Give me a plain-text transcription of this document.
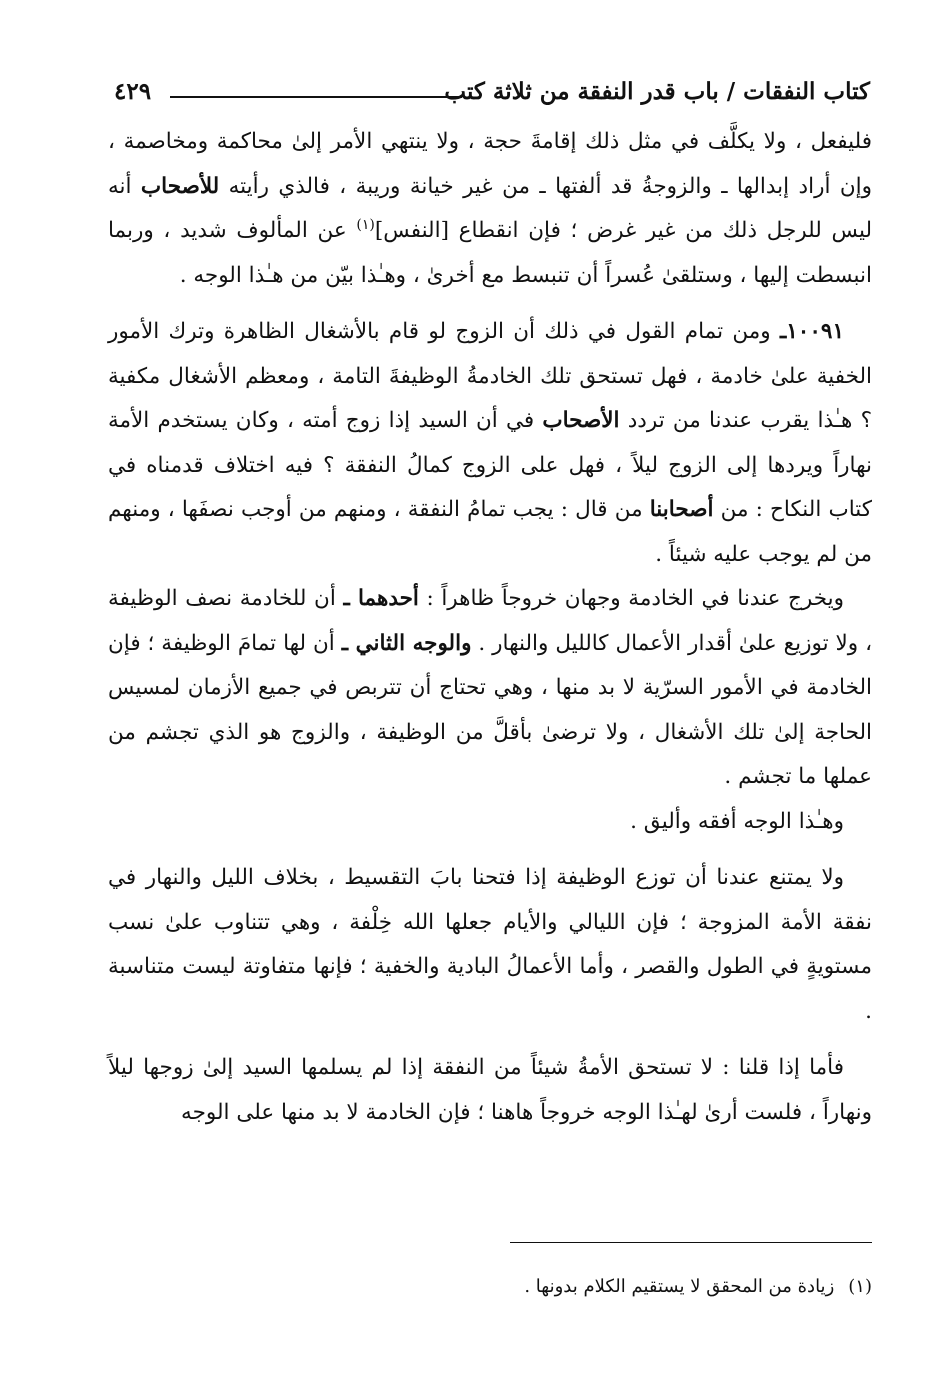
كتاب النفقات / باب قدر النفقة من ثلاثة كتب
٤٢٩

فليفعل ، ولا يكلَّف في مثل ذلك إقامةَ حجة ، ولا ينتهي الأمر إلىٰ محاكمة ومخاصمة ، وإن أراد إبدالها ـ والزوجةُ قد ألفتها ـ من غير خيانة وريبة ، فالذي رأيته للأصحاب أنه ليس للرجل ذلك من غير غرض ؛ فإن انقطاع [النفس]$^{(١)}$ عن المألوف شديد ، وربما انبسطت إليها ، وستلقىٰ عُسراً أن تنبسط مع أخرىٰ ، وهـٰذا بيّن من هـٰذا الوجه .

١٠٠٩١ـ ومن تمام القول في ذلك أن الزوج لو قام بالأشغال الظاهرة وترك الأمور الخفية علىٰ خادمة ، فهل تستحق تلك الخادمةُ الوظيفةَ التامة ، ومعظم الأشغال مكفية ؟ هـٰذا يقرب عندنا من تردد الأصحاب في أن السيد إذا زوج أمته ، وكان يستخدم الأمة نهاراً ويردها إلى الزوج ليلاً ، فهل على الزوج كمالُ النفقة ؟ فيه اختلاف قدمناه في كتاب النكاح : من أصحابنا من قال : يجب تمامُ النفقة ، ومنهم من أوجب نصفَها ، ومنهم من لم يوجب عليه شيئاً .

ويخرج عندنا في الخادمة وجهان خروجاً ظاهراً : أحدهما ـ أن للخادمة نصف الوظيفة ، ولا توزيع علىٰ أقدار الأعمال كالليل والنهار . والوجه الثاني ـ أن لها تمامَ الوظيفة ؛ فإن الخادمة في الأمور السرّية لا بد منها ، وهي تحتاج أن تتربص في جميع الأزمان لمسيس الحاجة إلىٰ تلك الأشغال ، ولا ترضىٰ بأقلَّ من الوظيفة ، والزوج هو الذي تجشم من عملها ما تجشم .

وهـٰذا الوجه أفقه وأليق .

ولا يمتنع عندنا أن توزع الوظيفة إذا فتحنا بابَ التقسيط ، بخلاف الليل والنهار في نفقة الأمة المزوجة ؛ فإن الليالي والأيام جعلها الله خِلْفة ، وهي تتناوب علىٰ نسب مستويةٍ في الطول والقصر ، وأما الأعمالُ البادية والخفية ؛ فإنها متفاوتة ليست متناسبة .

فأما إذا قلنا : لا تستحق الأمةُ شيئاً من النفقة إذا لم يسلمها السيد إلىٰ زوجها ليلاً ونهاراً ، فلست أرىٰ لهـٰذا الوجه خروجاً هاهنا ؛ فإن الخادمة لا بد منها على الوجه

(١)زيادة من المحقق لا يستقيم الكلام بدونها .
